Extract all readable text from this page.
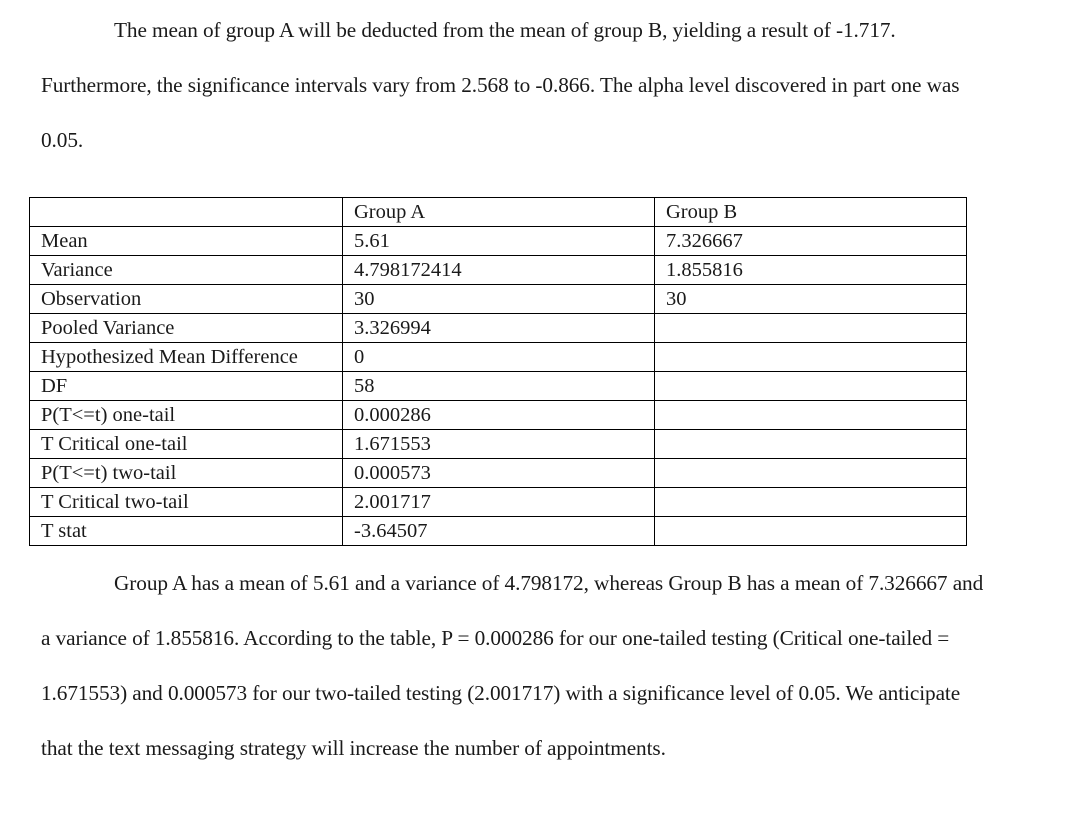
The mean of group A will be deducted from the mean of group B, yielding a result of -1.717. Furthermore, the significance intervals vary from 2.568 to -0.866. The alpha level discovered in part one was 0.05.

	Group A	Group B
Mean	5.61	7.326667
Variance	4.798172414	1.855816
Observation	30	30
Pooled Variance	3.326994	
Hypothesized Mean Difference	0	
DF	58	
P(T<=t) one-tail	0.000286	
T Critical one-tail	1.671553	
P(T<=t) two-tail	0.000573	
T Critical two-tail	2.001717	
T stat	-3.64507	

Group A has a mean of 5.61 and a variance of 4.798172, whereas Group B has a mean of 7.326667 and a variance of 1.855816. According to the table, P = 0.000286 for our one-tailed testing (Critical one-tailed = 1.671553) and 0.000573 for our two-tailed testing (2.001717) with a significance level of 0.05. We anticipate that the text messaging strategy will increase the number of appointments.
